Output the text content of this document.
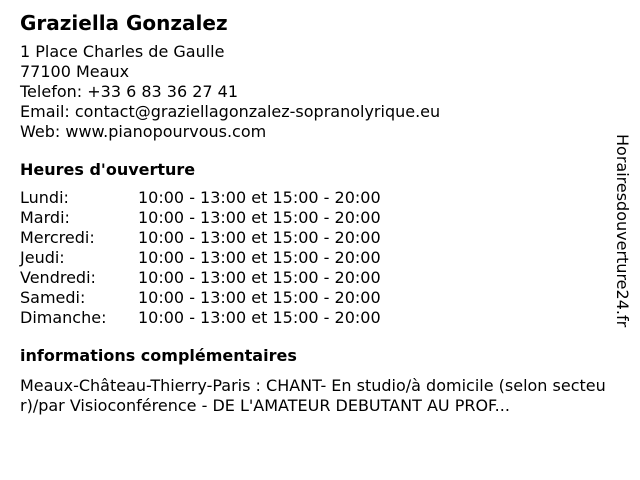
Graziella Gonzalez
1 Place Charles de Gaulle
77100 Meaux
Telefon: +33 6 83 36 27 41
Email: contact@graziellagonzalez-sopranolyrique.eu
Web: www.pianopourvous.com
Heures d'ouverture
Lundi:	10:00 - 13:00 et 15:00 - 20:00
Mardi:	10:00 - 13:00 et 15:00 - 20:00
Mercredi:	10:00 - 13:00 et 15:00 - 20:00
Jeudi:	10:00 - 13:00 et 15:00 - 20:00
Vendredi:	10:00 - 13:00 et 15:00 - 20:00
Samedi:	10:00 - 13:00 et 15:00 - 20:00
Dimanche:	10:00 - 13:00 et 15:00 - 20:00
informations complémentaires
Meaux-Château-Thierry-Paris : CHANT- En studio/à domicile (selon secteur)/par Visioconférence - DE L'AMATEUR DEBUTANT AU PROF...
Horairesdouverture24.fr
